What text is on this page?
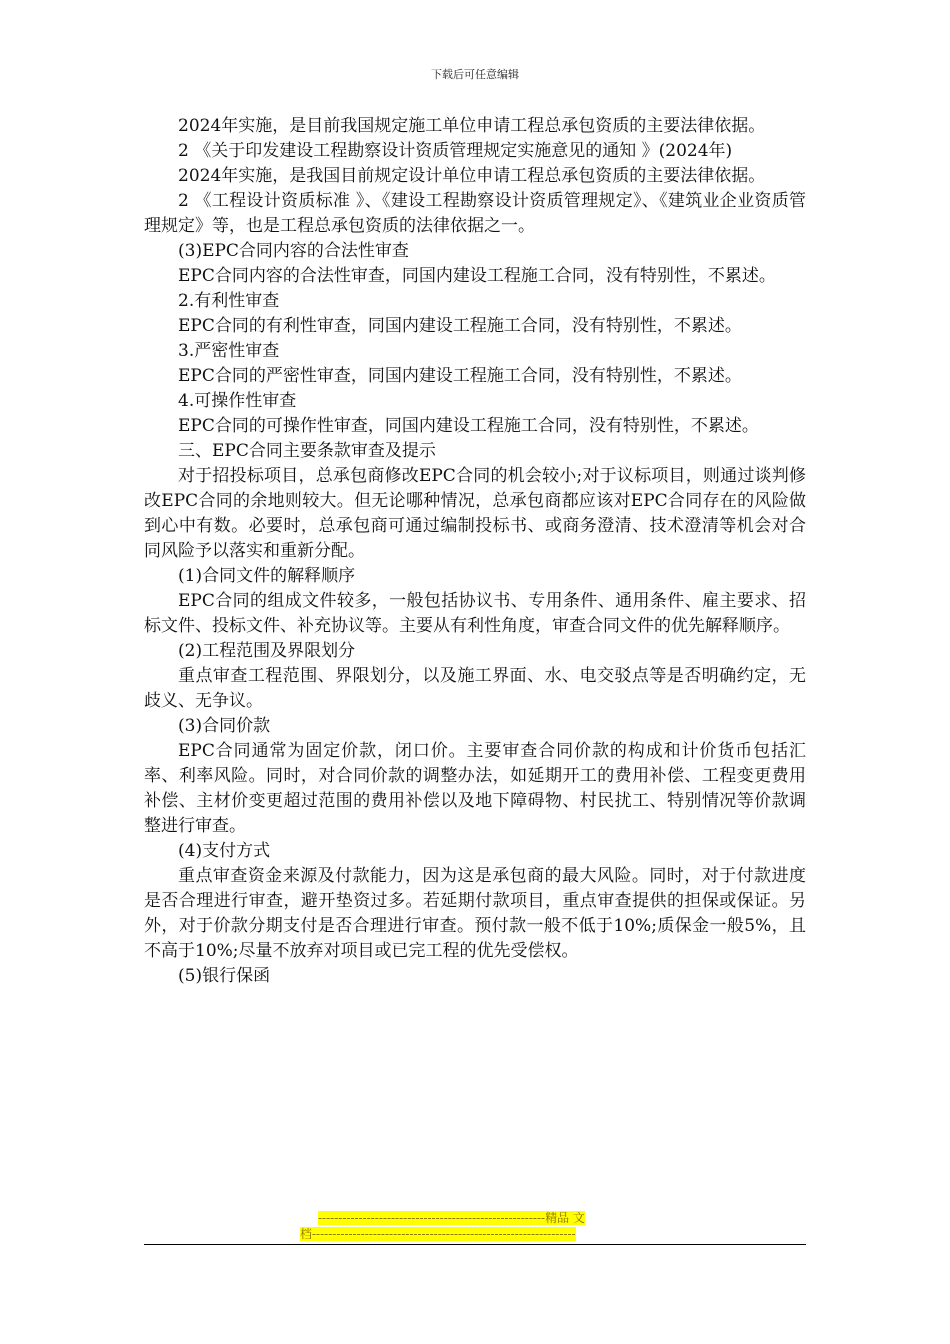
下载后可任意编辑

2024年实施，是目前我国规定施工单位申请工程总承包资质的主要法律依据。

2 《关于印发建设工程勘察设计资质管理规定实施意见的通知 》(2024年)

2024年实施，是我国目前规定设计单位申请工程总承包资质的主要法律依据。

2 《工程设计资质标准 》、《建设工程勘察设计资质管理规定》、《建筑业企业资质管理规定》等，也是工程总承包资质的法律依据之一。

(3)EPC合同内容的合法性审查

EPC合同内容的合法性审查，同国内建设工程施工合同，没有特别性，不累述。

2.有利性审查

EPC合同的有利性审查，同国内建设工程施工合同，没有特别性，不累述。

3.严密性审查

EPC合同的严密性审查，同国内建设工程施工合同，没有特别性，不累述。

4.可操作性审查

EPC合同的可操作性审查，同国内建设工程施工合同，没有特别性，不累述。

三、EPC合同主要条款审查及提示

对于招投标项目，总承包商修改EPC合同的机会较小;对于议标项目，则通过谈判修改EPC合同的余地则较大。但无论哪种情况，总承包商都应该对EPC合同存在的风险做到心中有数。必要时，总承包商可通过编制投标书、或商务澄清、技术澄清等机会对合同风险予以落实和重新分配。

(1)合同文件的解释顺序

EPC合同的组成文件较多，一般包括协议书、专用条件、通用条件、雇主要求、招标文件、投标文件、补充协议等。主要从有利性角度，审查合同文件的优先解释顺序。

(2)工程范围及界限划分

重点审查工程范围、界限划分，以及施工界面、水、电交驳点等是否明确约定，无歧义、无争议。

(3)合同价款

EPC合同通常为固定价款，闭口价。主要审查合同价款的构成和计价货币包括汇率、利率风险。同时，对合同价款的调整办法，如延期开工的费用补偿、工程变更费用补偿、主材价变更超过范围的费用补偿以及地下障碍物、村民扰工、特别情况等价款调整进行审查。

(4)支付方式

重点审查资金来源及付款能力，因为这是承包商的最大风险。同时，对于付款进度是否合理进行审查，避开垫资过多。若延期付款项目，重点审查提供的担保或保证。另外，对于价款分期支付是否合理进行审查。预付款一般不低于10%;质保金一般5%，且不高于10%;尽量不放弃对项目或已完工程的优先受偿权。

(5)银行保函

--------------------------------------------------------精品 文
档-----------------------------------------------------------------
